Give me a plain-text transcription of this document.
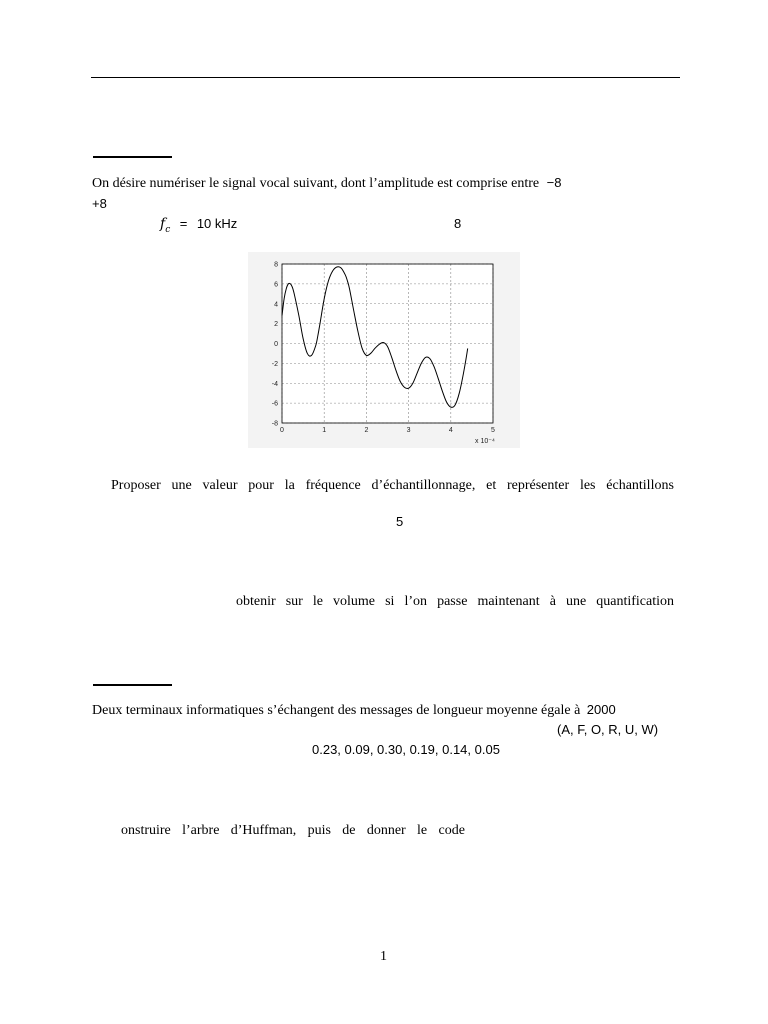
On désire numériser le signal vocal suivant, dont l’amplitude est comprise entre −8
+8
$f_c = 10$ kHz	8
8
6
4
2
0
-2
-4
-6
-8
0	1	2	3	4	5
x 10⁻⁴
Proposer une valeur pour la fréquence d’échantillonnage, et représenter les échantillons
5
obtenir sur le volume si l’on passe maintenant à une quantification
Deux terminaux informatiques s’échangent des messages de longueur moyenne égale à 2000
(A, F, O, R, U, W)
0.23, 0.09, 0.30, 0.19, 0.14, 0.05
onstruire l’arbre d’Huffman, puis de donner le code
1
